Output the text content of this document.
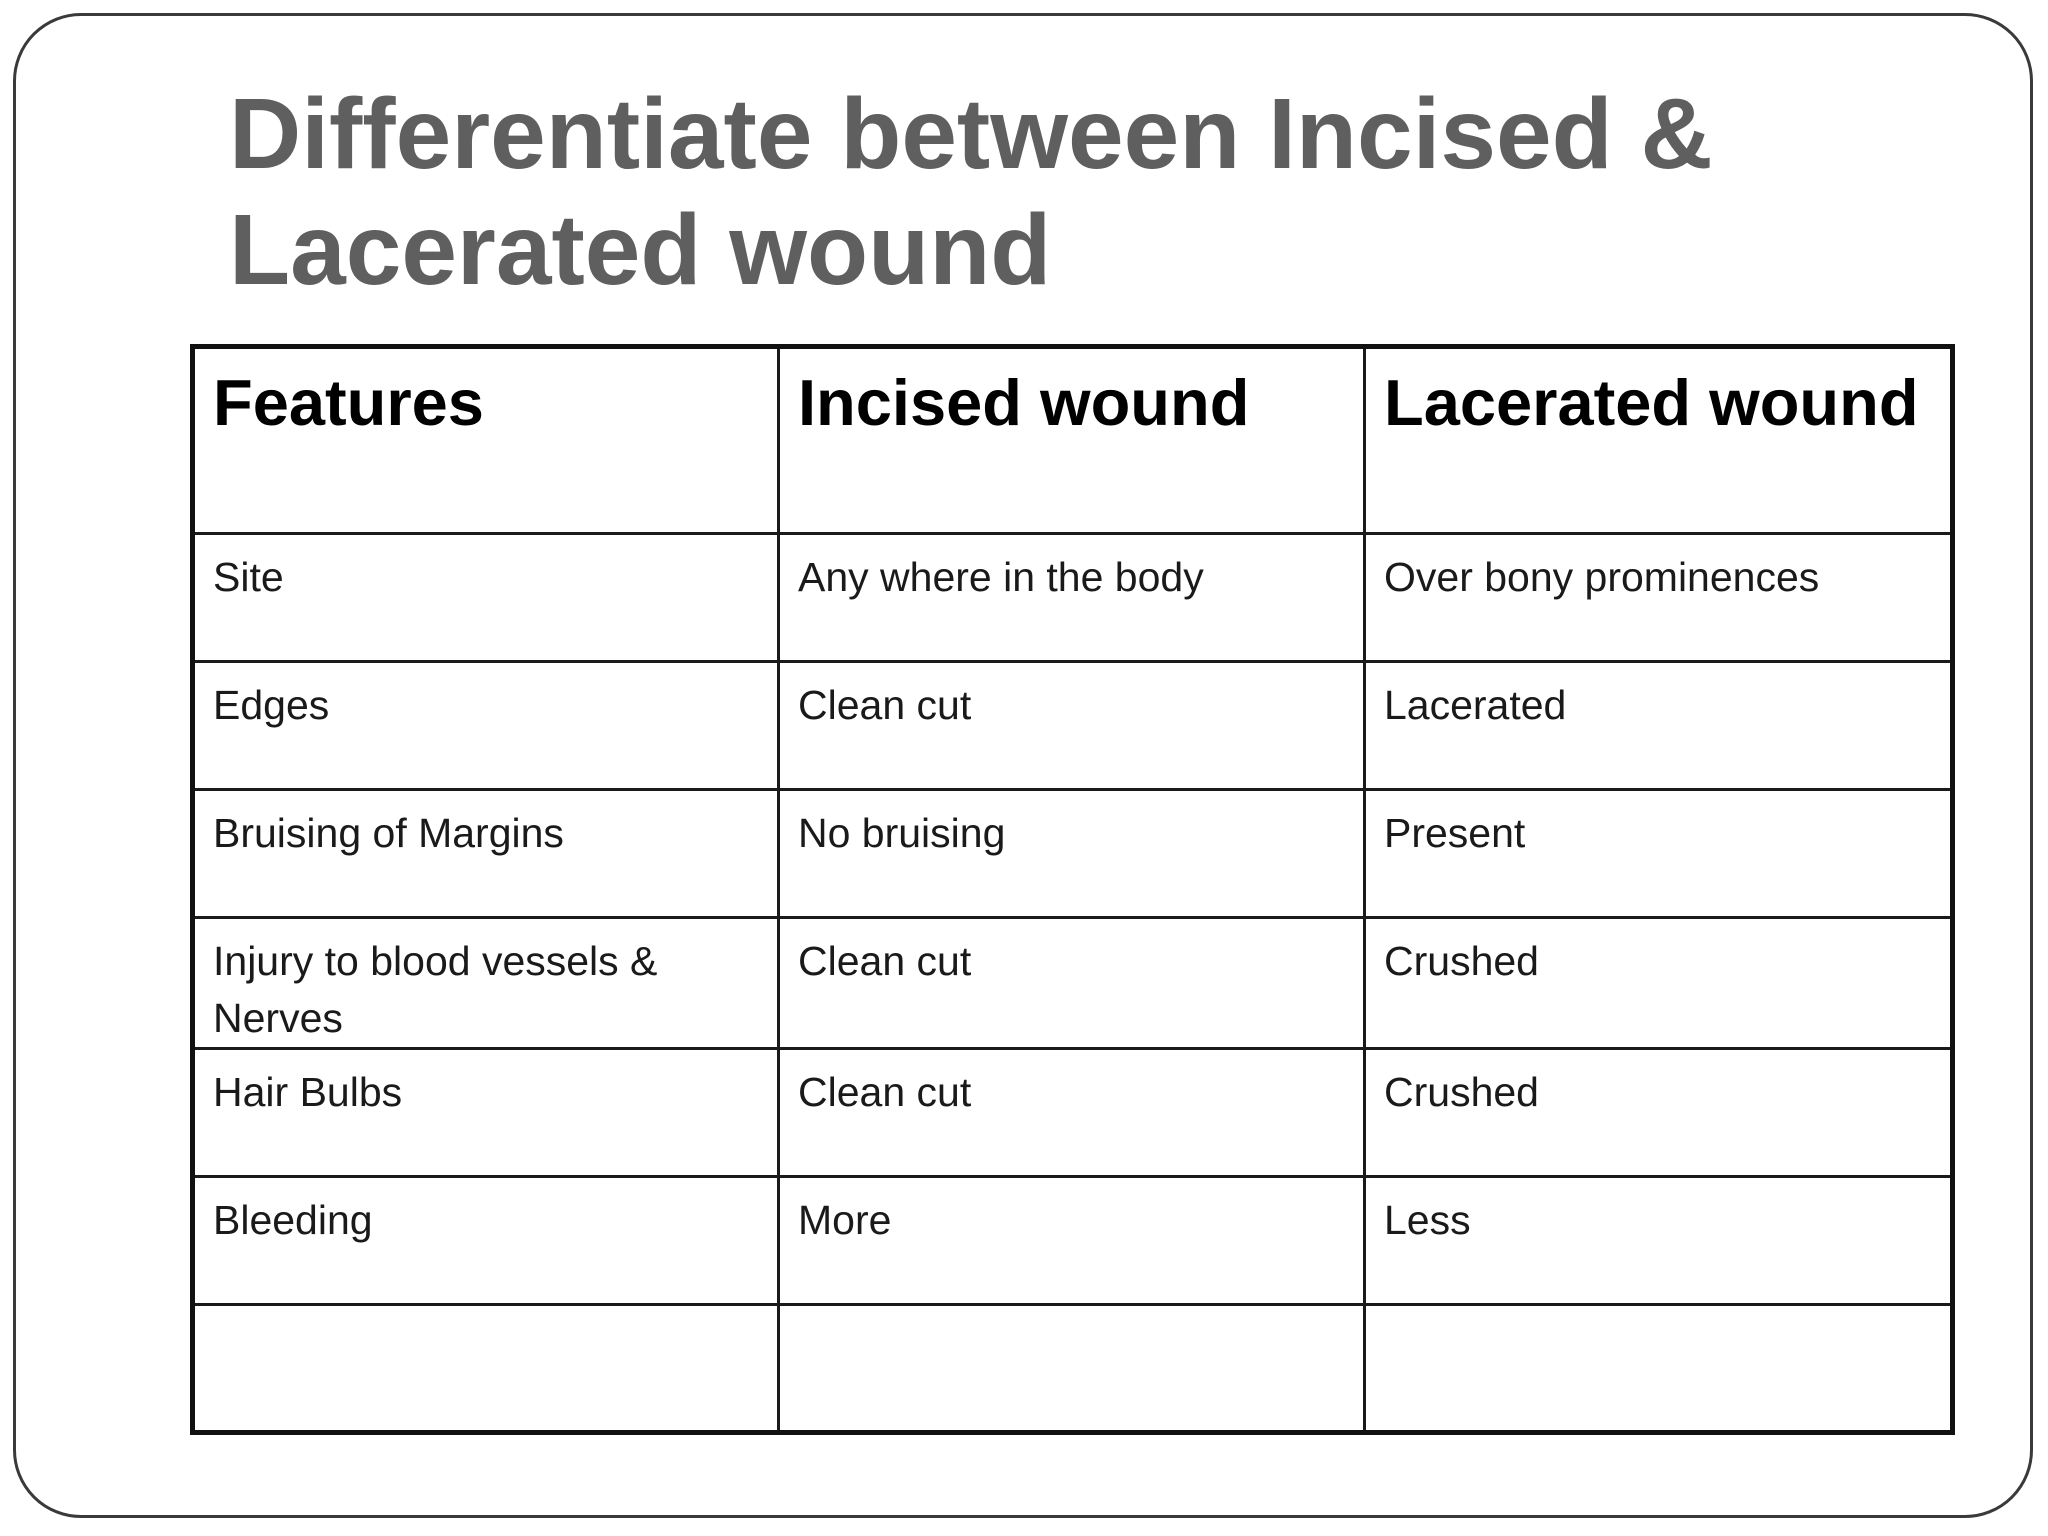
Differentiate between Incised &
Lacerated wound
Features	Incised wound	Lacerated wound
Site	Any where in the body	Over bony prominences
Edges	Clean cut	Lacerated
Bruising of Margins	No bruising	Present
Injury to blood vessels & Nerves	Clean cut	Crushed
Hair Bulbs	Clean cut	Crushed
Bleeding	More	Less
